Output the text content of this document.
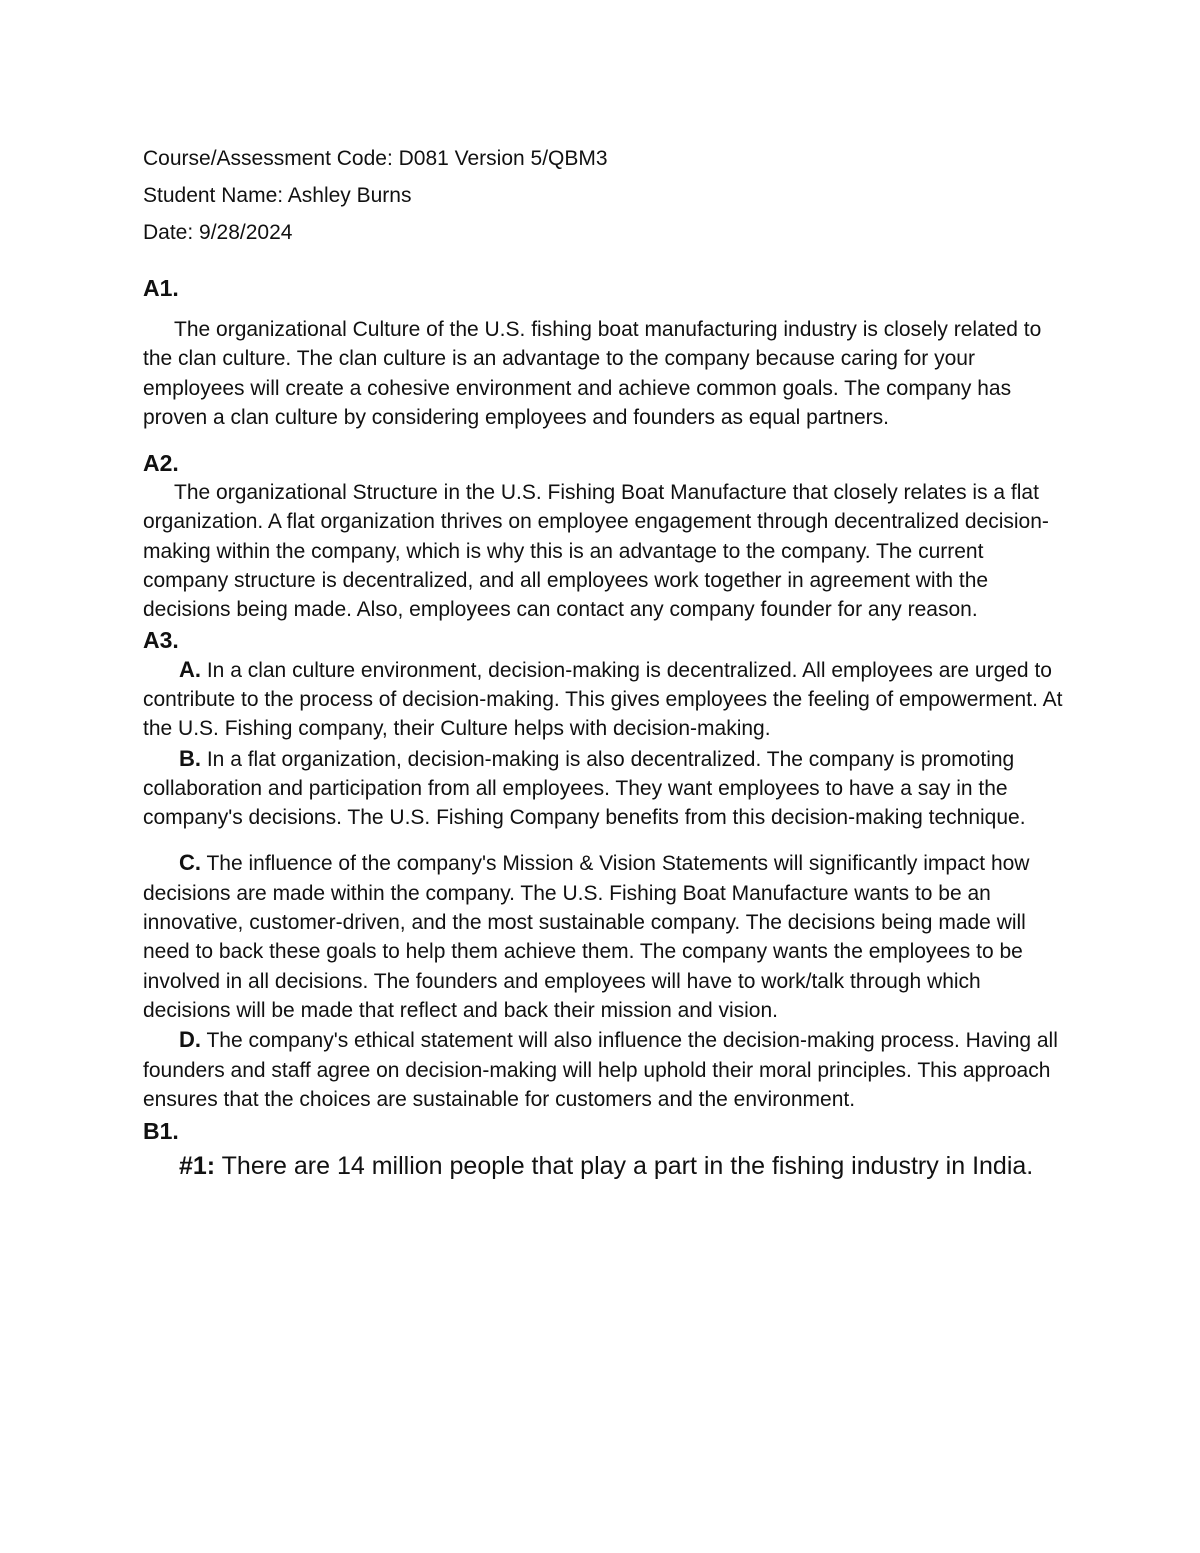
Course/Assessment Code: D081 Version 5/QBM3

Student Name: Ashley Burns

Date: 9/28/2024

A1.

The organizational Culture of the U.S. fishing boat manufacturing industry is closely related to the clan culture. The clan culture is an advantage to the company because caring for your employees will create a cohesive environment and achieve common goals. The company has proven a clan culture by considering employees and founders as equal partners.

A2.

The organizational Structure in the U.S. Fishing Boat Manufacture that closely relates is a flat organization. A flat organization thrives on employee engagement through decentralized decision-making within the company, which is why this is an advantage to the company. The current company structure is decentralized, and all employees work together in agreement with the decisions being made. Also, employees can contact any company founder for any reason.

A3.

A. In a clan culture environment, decision-making is decentralized. All employees are urged to contribute to the process of decision-making. This gives employees the feeling of empowerment. At the U.S. Fishing company, their Culture helps with decision-making.

B. In a flat organization, decision-making is also decentralized. The company is promoting collaboration and participation from all employees. They want employees to have a say in the company's decisions. The U.S. Fishing Company benefits from this decision-making technique.

C. The influence of the company's Mission & Vision Statements will significantly impact how decisions are made within the company. The U.S. Fishing Boat Manufacture wants to be an innovative, customer-driven, and the most sustainable company. The decisions being made will need to back these goals to help them achieve them. The company wants the employees to be involved in all decisions. The founders and employees will have to work/talk through which decisions will be made that reflect and back their mission and vision.

D. The company's ethical statement will also influence the decision-making process. Having all founders and staff agree on decision-making will help uphold their moral principles. This approach ensures that the choices are sustainable for customers and the environment.

B1.

#1: There are 14 million people that play a part in the fishing industry in India.
